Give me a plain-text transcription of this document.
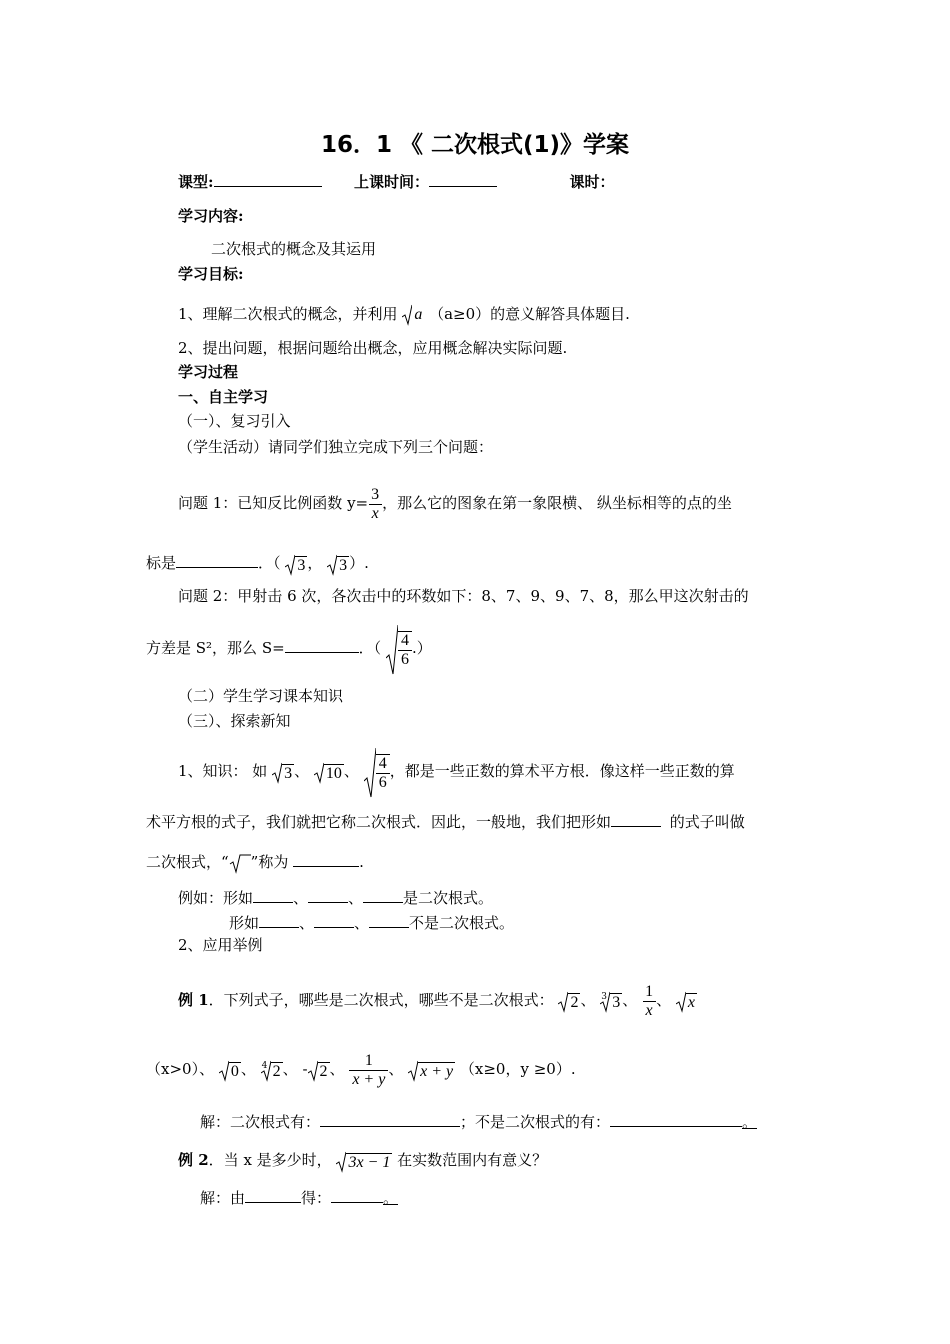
16．1 《 二次根式(1)》学案
课型:	上课时间：	课时：
学习内容:
二次根式的概念及其运用
学习目标:
1、理解二次根式的概念，并利用 a （a≥0）的意义解答具体题目.
2、提出问题，根据问题给出概念，应用概念解决实际问题.
学习过程
一、自主学习
（一）、复习引入
（学生活动）请同学们独立完成下列三个问题：
问题 1：已知反比例函数 $y= \frac{3}{x}$ ，那么它的图象在第一象限横、 纵坐标相等的点的坐
标是	．（ 3 ， 3 ）.
问题 2：甲射击 6 次，各次击中的环数如下：8、7、9、9、7、8，那么甲这次射击的
方差是 S²，那么 S=	．（ $\frac{4}{6}$ .）
（二）学生学习课本知识
（三）、探索新知
1、知识： 如 3 、 10 、 $\frac{4}{6}$ ，都是一些正数的算术平方根．像这样一些正数的算
术平方根的式子，我们就把它称二次根式．因此，一般地，我们把形如	的式子叫做
二次根式，“ ”称为	.
例如：形如	、	、	是二次根式。
形如	、	、	不是二次根式。
2、应用举例
例 1．下列式子，哪些是二次根式，哪些不是二次根式： 2 、 3 3 、 $\frac{1}{x}$ 、 x
（x>0）、 0 、 4 2 、 - 2 、 $\frac{1}{x + y}$ 、 x + y （x≥0，y ≥0）.
解：二次根式有：	；不是二次根式的有：	。
例 2．当 x 是多少时， 3x − 1 在实数范围内有意义？
解：由	得：	。
